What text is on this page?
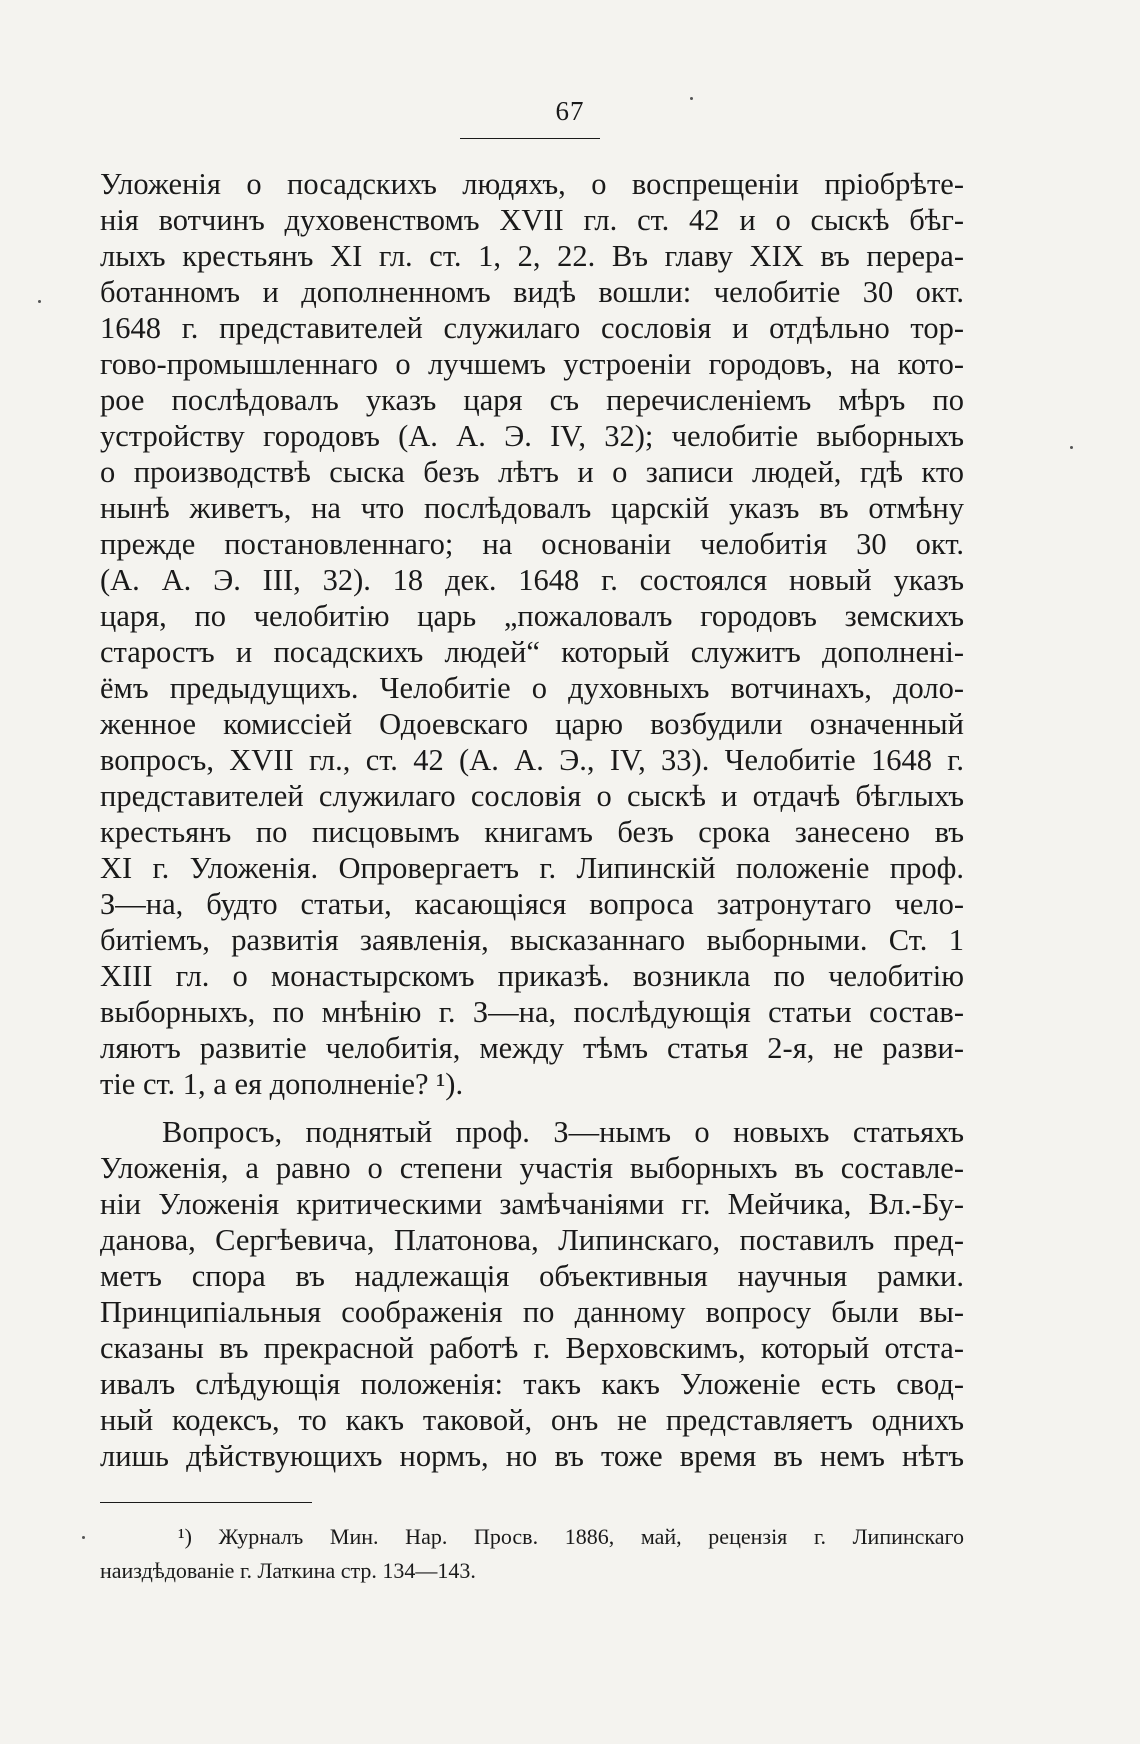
67
Уложенія о посадскихъ людяхъ, о воспрещеніи пріобрѣте-
нія вотчинъ духовенствомъ XVII гл. ст. 42 и о сыскѣ бѣг-
лыхъ крестьянъ XI гл. ст. 1, 2, 22. Въ главу XIX въ перера-
ботанномъ и дополненномъ видѣ вошли: челобитіе 30 окт.
1648 г. представителей служилаго сословія и отдѣльно тор-
гово-промышленнаго о лучшемъ устроеніи городовъ, на кото-
рое послѣдовалъ указъ царя съ перечисленіемъ мѣръ по
устройству городовъ (А. А. Э. IV, 32); челобитіе выборныхъ
о производствѣ сыска безъ лѣтъ и о записи людей, гдѣ кто
нынѣ живетъ, на что послѣдовалъ царскій указъ въ отмѣну
прежде постановленнаго; на основаніи челобитія 30 окт.
(А. А. Э. III, 32). 18 дек. 1648 г. состоялся новый указъ
царя, по челобитію царь „пожаловалъ городовъ земскихъ
старостъ и посадскихъ людей“ который служитъ дополненi-
ёмъ предыдущихъ. Челобитіе о духовныхъ вотчинахъ, доло-
женное комиссіей Одоевскаго царю возбудили означенный
вопросъ, XVII гл., ст. 42 (А. А. Э., IV, 33). Челобитіе 1648 г.
представителей служилаго сословія о сыскѣ и отдачѣ бѣглыхъ
крестьянъ по писцовымъ книгамъ безъ срока занесено въ
XI г. Уложенія. Опровергаетъ г. Липинскій положеніе проф.
З—на, будто статьи, касающіяся вопроса затронутаго чело-
битіемъ, развитія заявленія, высказаннаго выборными. Ст. 1
XIII гл. о монастырскомъ приказѣ. возникла по челобитію
выборныхъ, по мнѣнію г. З—на, послѣдующія статьи состав-
ляютъ развитіе челобитія, между тѣмъ статья 2-я, не разви-
тіе ст. 1, а ея дополненіе? ¹).
Вопросъ, поднятый проф. З—нымъ о новыхъ статьяхъ
Уложенія, а равно о степени участія выборныхъ въ составле-
ніи Уложенія критическими замѣчаніями гг. Мейчика, Вл.-Бу-
данова, Сергѣевича, Платонова, Липинскаго, поставилъ пред-
метъ спора въ надлежащія объективныя научныя рамки.
Принципіальныя соображенія по данному вопросу были вы-
сказаны въ прекрасной работѣ г. Верховскимъ, который отста-
ивалъ слѣдующія положенія: такъ какъ Уложеніе есть свод-
ный кодексъ, то какъ таковой, онъ не представляетъ однихъ
лишь дѣйствующихъ нормъ, но въ тоже время въ немъ нѣтъ
¹) Журналъ Мин. Нар. Просв. 1886, май, рецензія г. Липинскаго
наиздѣдованіе г. Латкина стр. 134—143.
